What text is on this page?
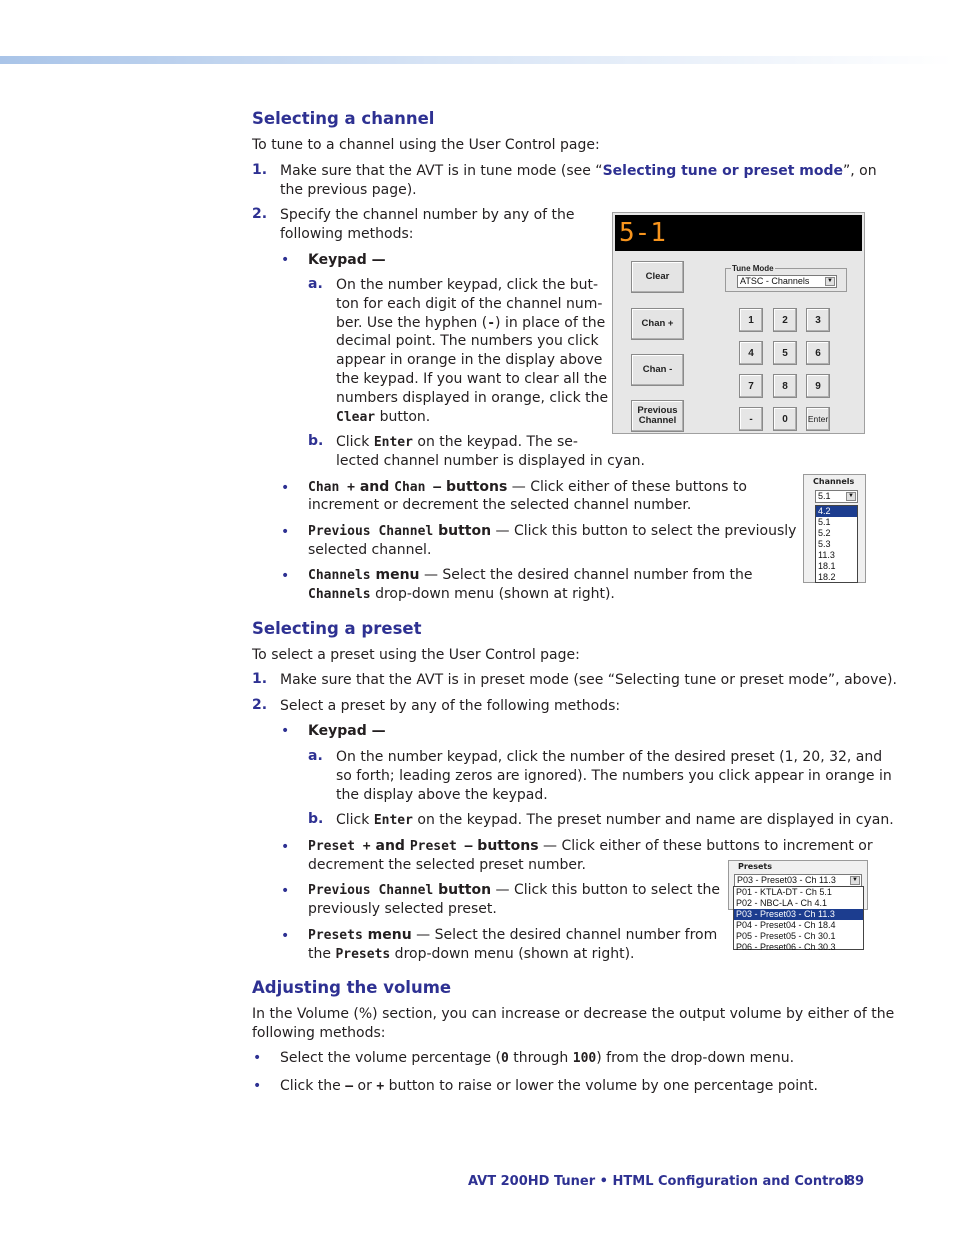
Selecting a channel
To tune to a channel using the User Control page:
1. Make sure that the AVT is in tune mode (see “Selecting tune or preset mode”, on
the previous page).
2. Specify the channel number by any of the
following methods:
• Keypad —
a. On the number keypad, click the but-
ton for each digit of the channel num-
ber. Use the hyphen (-) in place of the
decimal point. The numbers you click
appear in orange in the display above
the keypad. If you want to clear all the
numbers displayed in orange, click the
Clear button.
b. Click Enter on the keypad. The se-
lected channel number is displayed in cyan.
• Chan + and Chan – buttons — Click either of these buttons to
increment or decrement the selected channel number.
• Previous Channel button — Click this button to select the previously
selected channel.
• Channels menu — Select the desired channel number from the
Channels drop-down menu (shown at right).
5-1
Clear
Chan +
Chan -
Previous Channel
Tune Mode
ATSC - Channels	▼
1	2	3
4	5	6
7	8	9
-	0	Enter
Channels
5.1	▼
4.2
5.1
5.2
5.3
11.3
18.1
18.2
Selecting a preset
To select a preset using the User Control page:
1. Make sure that the AVT is in preset mode (see “Selecting tune or preset mode”, above).
2. Select a preset by any of the following methods:
• Keypad —
a. On the number keypad, click the number of the desired preset (1, 20, 32, and
so forth; leading zeros are ignored). The numbers you click appear in orange in
the display above the keypad.
b. Click Enter on the keypad. The preset number and name are displayed in cyan.
• Preset + and Preset – buttons — Click either of these buttons to increment or
decrement the selected preset number.
• Previous Channel button — Click this button to select the
previously selected preset.
• Presets menu — Select the desired channel number from
the Presets drop-down menu (shown at right).
Presets
P03 - Preset03 - Ch 11.3	▼
P01 - KTLA-DT - Ch 5.1
P02 - NBC-LA - Ch 4.1
P03 - Preset03 - Ch 11.3
P04 - Preset04 - Ch 18.4
P05 - Preset05 - Ch 30.1
P06 - Preset06 - Ch 30.3
Adjusting the volume
In the Volume (%) section, you can increase or decrease the output volume by either of the
following methods:
• Select the volume percentage (0 through 100) from the drop-down menu.
• Click the – or + button to raise or lower the volume by one percentage point.
AVT 200HD Tuner • HTML Configuration and Control
89
